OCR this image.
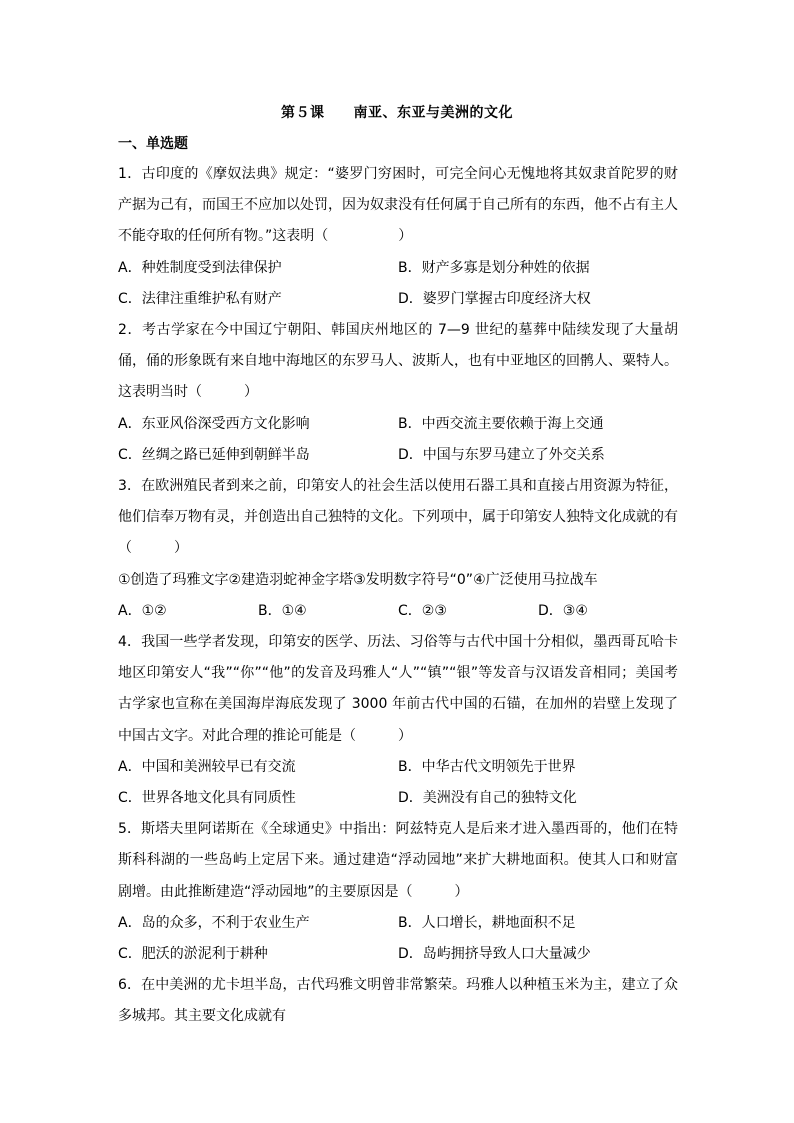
第５课　　南亚、东亚与美洲的文化
一、单选题

1．古印度的《摩奴法典》规定：“婆罗门穷困时，可完全问心无愧地将其奴隶首陀罗的财产据为己有，而国王不应加以处罚，因为奴隶没有任何属于自己所有的东西，他不占有主人不能夺取的任何所有物。”这表明（　　　　　）

A．种姓制度受到法律保护	B．财产多寡是划分种姓的依据
C．法律注重维护私有财产	D．婆罗门掌握古印度经济大权

2．考古学家在今中国辽宁朝阳、韩国庆州地区的 7—9 世纪的墓葬中陆续发现了大量胡俑，俑的形象既有来自地中海地区的东罗马人、波斯人，也有中亚地区的回鹘人、粟特人。这表明当时（　　　）

A．东亚风俗深受西方文化影响	B．中西交流主要依赖于海上交通
C．丝绸之路已延伸到朝鲜半岛	D．中国与东罗马建立了外交关系

3．在欧洲殖民者到来之前，印第安人的社会生活以使用石器工具和直接占用资源为特征，他们信奉万物有灵，并创造出自己独特的文化。下列项中，属于印第安人独特文化成就的有（　　　）

①创造了玛雅文字②建造羽蛇神金字塔③发明数字符号“0”④广泛使用马拉战车

A．①②	B．①④	C．②③	D．③④

4．我国一些学者发现，印第安的医学、历法、习俗等与古代中国十分相似，墨西哥瓦哈卡地区印第安人“我”“你”“他”的发音及玛雅人“人”“镇”“银”等发音与汉语发音相同；美国考古学家也宣称在美国海岸海底发现了 3000 年前古代中国的石锚，在加州的岩壁上发现了中国古文字。对此合理的推论可能是（　　　）

A．中国和美洲较早已有交流	B．中华古代文明领先于世界
C．世界各地文化具有同质性	D．美洲没有自己的独特文化

5．斯塔夫里阿诺斯在《全球通史》中指出：阿兹特克人是后来才进入墨西哥的，他们在特斯科科湖的一些岛屿上定居下来。通过建造“浮动园地”来扩大耕地面积。使其人口和财富剧增。由此推断建造“浮动园地”的主要原因是（　　　）

A．岛的众多，不利于农业生产	B．人口增长，耕地面积不足
C．肥沃的淤泥利于耕种	D．岛屿拥挤导致人口大量减少

6．在中美洲的尤卡坦半岛，古代玛雅文明曾非常繁荣。玛雅人以种植玉米为主，建立了众多城邦。其主要文化成就有
